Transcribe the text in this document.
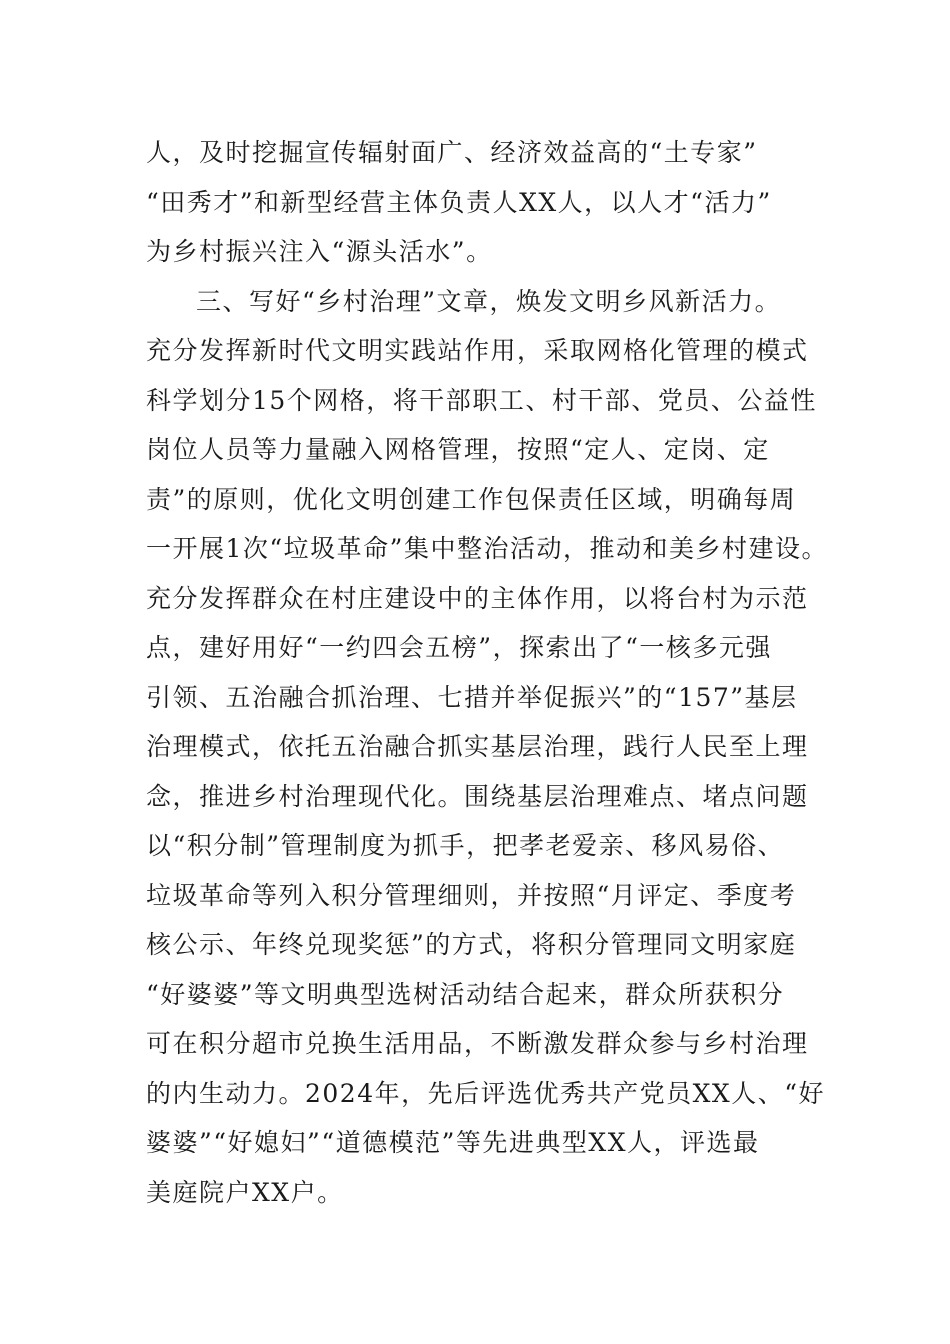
人，及时挖掘宣传辐射面广、经济效益高的“土专家”
“田秀才”和新型经营主体负责人XX人，以人才“活力”
为乡村振兴注入“源头活水”。
三、写好“乡村治理”文章，焕发文明乡风新活力。
充分发挥新时代文明实践站作用，采取网格化管理的模式
科学划分15个网格，将干部职工、村干部、党员、公益性
岗位人员等力量融入网格管理，按照“定人、定岗、定
责”的原则，优化文明创建工作包保责任区域，明确每周
一开展1次“垃圾革命”集中整治活动，推动和美乡村建设。
充分发挥群众在村庄建设中的主体作用，以将台村为示范
点，建好用好“一约四会五榜”，探索出了“一核多元强
引领、五治融合抓治理、七措并举促振兴”的“157”基层
治理模式，依托五治融合抓实基层治理，践行人民至上理
念，推进乡村治理现代化。围绕基层治理难点、堵点问题
以“积分制”管理制度为抓手，把孝老爱亲、移风易俗、
垃圾革命等列入积分管理细则，并按照“月评定、季度考
核公示、年终兑现奖惩”的方式，将积分管理同文明家庭
“好婆婆”等文明典型选树活动结合起来，群众所获积分
可在积分超市兑换生活用品，不断激发群众参与乡村治理
的内生动力。2024年，先后评选优秀共产党员XX人、“好
婆婆”“好媳妇”“道德模范”等先进典型XX人，评选最
美庭院户XX户。
